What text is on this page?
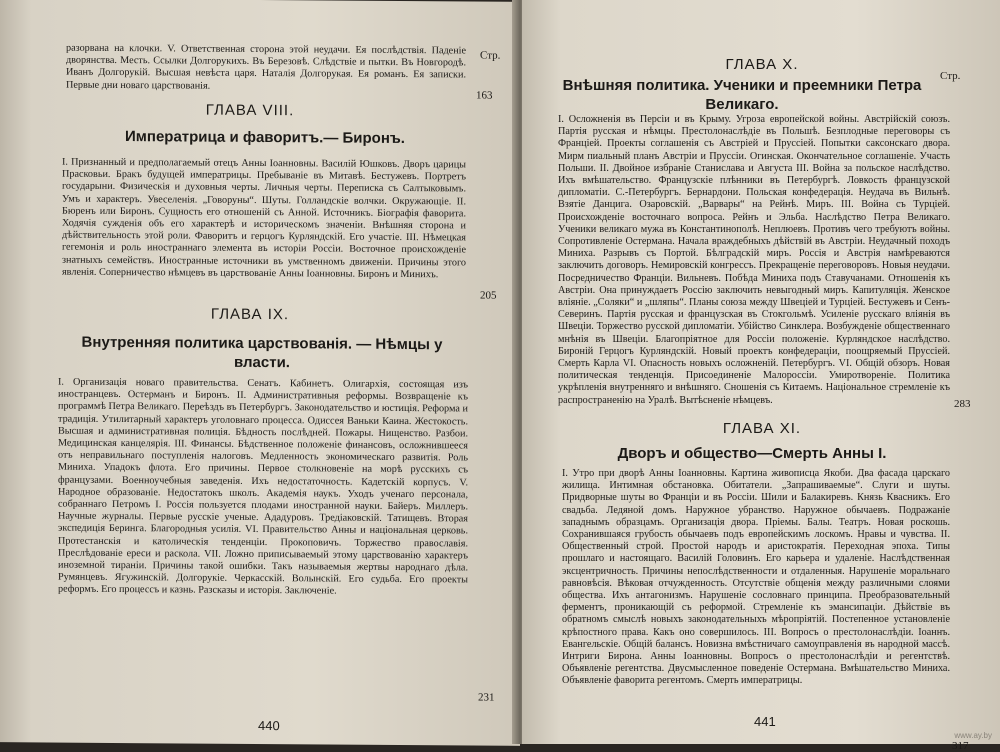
Стр.

разорвана на клочки. V. Ответственная сторона этой неудачи. Ея послѣдствія. Паденіе дворянства. Месть. Ссылки Долгорукихъ. Въ Березовѣ. Слѣдствіе и пытки. Въ Новгородѣ. Иванъ Долгорукій. Высшая невѣста царя. Наталія Долгорукая. Ея романъ. Ея записки. Первые дни новаго царствованія.

163
ГЛАВА VIII.
Императрица и фаворитъ.— Биронъ.

I. Признанный и предполагаемый отецъ Анны Іоанновны. Василій Юшковъ. Дворъ царицы Прасковьи. Бракъ будущей императрицы. Пребываніе въ Митавѣ. Бестужевъ. Портретъ государыни. Физическія и духовныя черты. Личныя черты. Переписка съ Салтыковымъ. Умъ и характеръ. Увеселенія. „Говоруны“. Шуты. Голландскіе волчки. Окружающіе. II. Бюренъ или Биронъ. Сущность его отношеній съ Анной. Источникъ. Біографія фаворита. Ходячія сужденія объ его характерѣ и историческомъ значеніи. Внѣшняя сторона и дѣйствительность этой роли. Фаворитъ и герцогъ Курляндскій. Его участіе. III. Нѣмецкая гегемонія и роль иностраннаго элемента въ исторіи Россіи. Восточное происхожденіе знатныхъ семействъ. Иностранные источники въ умственномъ движеніи. Причины этого явленія. Соперничество нѣмцевъ въ царствованіе Анны Іоанновны. Биронъ и Минихъ.

205
ГЛАВА IX.
Внутренняя политика царствованія. — Нѣмцы у власти.

I. Организація новаго правительства. Сенатъ. Кабинетъ. Олигархія, состоящая изъ иностранцевъ. Остерманъ и Биронъ. II. Административныя реформы. Возвращеніе къ программѣ Петра Великаго. Переѣздъ въ Петербургъ. Законодательство и юстиція. Реформа и традиція. Утилитарный характеръ уголовнаго процесса. Одиссея Ваньки Каина. Жестокость. Высшая и административная полиція. Бѣдность послѣдней. Пожары. Нищенство. Разбои. Медицинская канцелярія. III. Финансы. Бѣдственное положеніе финансовъ, осложнившееся отъ неправильнаго поступленія налоговъ. Медленность экономическаго развитія. Роль Миниха. Упадокъ флота. Его причины. Первое столкновеніе на морѣ русскихъ съ французами. Военноучебныя заведенія. Ихъ недостаточность. Кадетскій корпусъ. V. Народное образованіе. Недостатокъ школъ. Академія наукъ. Уходъ ученаго персонала, собраннаго Петромъ I. Россія пользуется плодами иностранной науки. Байеръ. Миллеръ. Научные журналы. Первые русскіе ученые. Ададуровъ. Тредіаковскій. Татищевъ. Вторая экспедиція Беринга. Благородныя усилія. VI. Правительство Анны и національная церковь. Протестанскія и католическія тенденціи. Прокоповичъ. Торжество православія. Преслѣдованіе ереси и раскола. VII. Ложно приписываемый этому царствованію характеръ иноземной тираніи. Причины такой ошибки. Такъ называемыя жертвы народнаго дѣла. Румянцевъ. Ягужинскій. Долгорукіе. Черкасскій. Волынскій. Его судьба. Его проекты реформъ. Его процессъ и казнь. Разсказы и исторія. Заключеніе.

231
440
ГЛАВА X.
Стр.
Внѣшняя политика. Ученики и преемники Петра Великаго.

I. Осложненія въ Персіи и въ Крыму. Угроза европейской войны. Австрійскій союзъ. Партія русская и нѣмцы. Престолонаслѣдіе въ Польшѣ. Безплодные переговоры съ Франціей. Проекты соглашенія съ Австріей и Пруссіей. Попытки саксонскаго двора. Мирм пиальный планъ Австріи и Пруссіи. Огинская. Окончательное соглашеніе. Участь Польши. II. Двойное избраніе Станислава и Августа III. Война за польское наслѣдство. Ихъ вмѣшательство. Французскіе плѣнники въ Петербургѣ. Ловкость французской дипломатіи. С.-Петербургъ. Бернардони. Польская конфедерація. Неудача въ Вильнѣ. Взятіе Данцига. Озаровскій. „Варвары“ на Рейнѣ. Миръ. III. Война съ Турціей. Происхожденіе восточнаго вопроса. Рейнъ и Эльба. Наслѣдство Петра Великаго. Ученики великаго мужа въ Константинополѣ. Неплюевъ. Противъ чего требуютъ войны. Сопротивленіе Остермана. Начала враждебныхъ дѣйствій въ Австріи. Неудачный походъ Миниха. Разрывъ съ Портой. Бѣлградскій миръ. Россія и Австрія намѣреваются заключить договоръ. Немировскій конгрессъ. Прекращеніе переговоровъ. Новыя неудачи. Посредничество Франціи. Вильневъ. Побѣда Миниха подъ Ставучанами. Отношенія къ Австріи. Она принуждаетъ Россію заключить невыгодный миръ. Капитуляція. Женское вліяніе. „Соляки“ и „шляпы“. Планы союза между Швеціей и Турціей. Бестужевъ и Сенъ-Северинъ. Партія русская и французская въ Стокгольмѣ. Усиленіе русскаго вліянія въ Швеціи. Торжество русской дипломатіи. Убійство Синклера. Возбужденіе общественнаго мнѣнія въ Швеціи. Благопріятное для Россіи положеніе. Курляндское наслѣдство. Бироній Герцогъ Курляндскій. Новый проектъ конфедераціи, поощряемый Пруссіей. Смерть Карла VI. Опасность новыхъ осложненій. Петербургъ. VI. Общій обзоръ. Новая политическая тенденція. Присоединеніе Малороссіи. Умиротвореніе. Политика укрѣпленія внутренняго и внѣшняго. Сношенія съ Китаемъ. Національное стремленіе къ распространенію на Уралѣ. Вытѣсненіе нѣмцевъ.	283
ГЛАВА XI.
Дворъ и общество—Смерть Анны I.

I. Утро при дворѣ Анны Іоанновны. Картина живописца Якоби. Два фасада царскаго жилища. Интимная обстановка. Обитатели. „Запрашиваемые“. Слуги и шуты. Придворные шуты во Франціи и въ Россіи. Шили и Балакиревъ. Князь Квасникъ. Его свадьба. Ледяной домъ. Наружное убранство. Наружное обычаевъ. Подражаніе западнымъ образцамъ. Организація двора. Пріемы. Балы. Театръ. Новая роскошь. Сохранившаяся грубость обычаевъ подъ европейскимъ лоскомъ. Нравы и чувства. II. Общественный строй. Простой народъ и аристократія. Переходная эпоха. Типы прошлаго и настоящаго. Василій Головинъ. Его карьера и удаленіе. Наслѣдственная эксцентричность. Причины непослѣдственности и отдаленныя. Нарушеніе моральнаго равновѣсія. Вѣковая отчужденность. Отсутствіе общенія между различными слоями общества. Ихъ антагонизмъ. Нарушеніе сословнаго принципа. Преобразовательный ферментъ, проникающій съ реформой. Стремленіе къ эмансипаціи. Дѣйствіе въ обратномъ смыслѣ новыхъ законодательныхъ мѣропріятій. Постепенное установленіе крѣпостного права. Какъ оно совершилось. III. Вопросъ о престолонаслѣдіи. Іоаннъ. Евангельскіе. Общій балансъ. Новизна вмѣстничаго самоуправленія въ народной массѣ. Интриги Бирона. Анны Іоанновны. Вопросъ о престолонаслѣдіи и регентствѣ. Объявленіе регентства. Двусмысленное поведеніе Остермана. Вмѣшательство Миниха. Объявленіе фаворита регентомъ. Смерть императрицы.

317
441
www.ay.by
